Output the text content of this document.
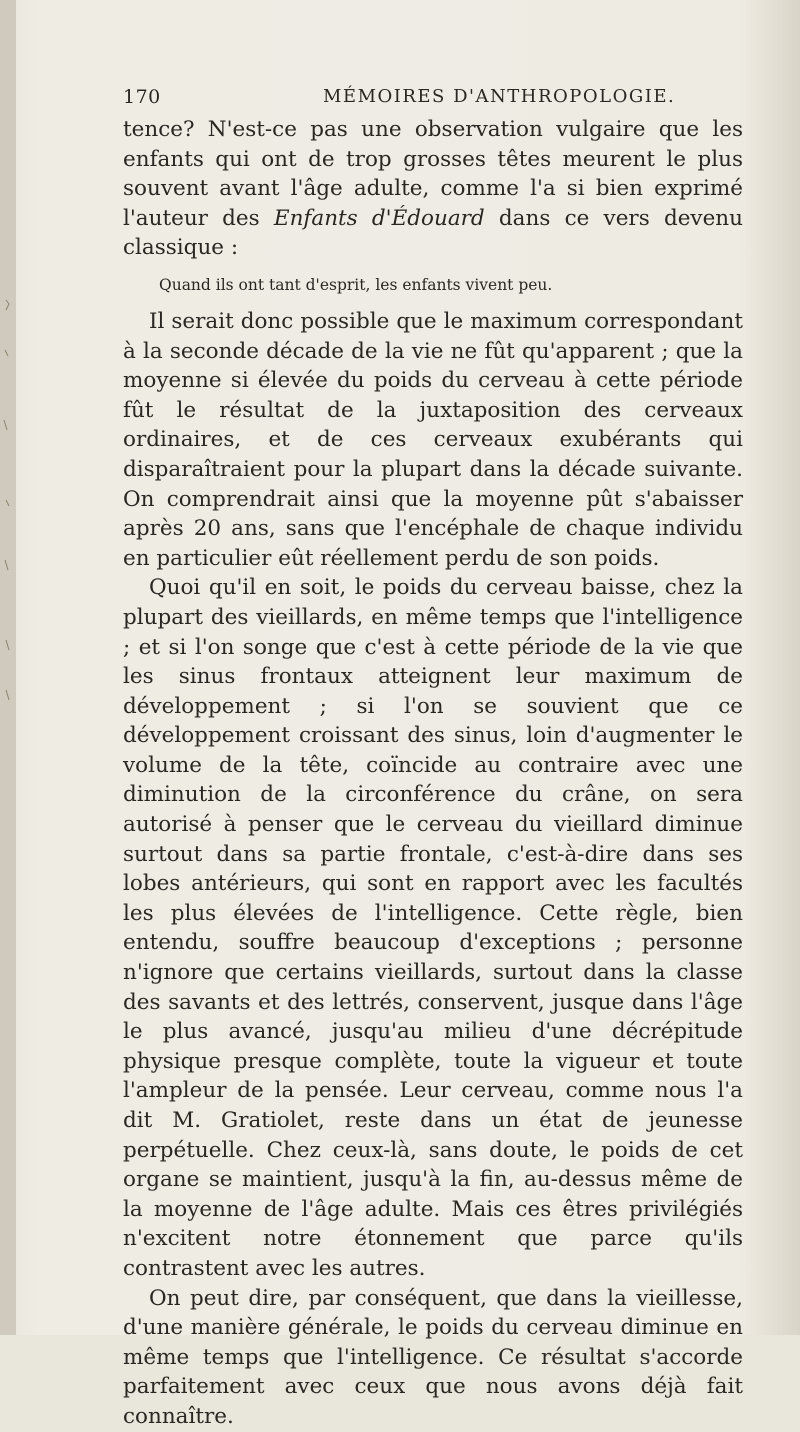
170	MÉMOIRES D'ANTHROPOLOGIE.

tence? N'est-ce pas une observation vulgaire que les enfants qui ont de trop grosses têtes meurent le plus souvent avant l'âge adulte, comme l'a si bien exprimé l'auteur des Enfants d'Édouard dans ce vers devenu classique :

Quand ils ont tant d'esprit, les enfants vivent peu.

Il serait donc possible que le maximum correspondant à la seconde décade de la vie ne fût qu'apparent ; que la moyenne si élevée du poids du cerveau à cette période fût le résultat de la juxtaposition des cerveaux ordinaires, et de ces cerveaux exubérants qui disparaîtraient pour la plupart dans la décade suivante. On comprendrait ainsi que la moyenne pût s'abaisser après 20 ans, sans que l'encéphale de chaque individu en particulier eût réellement perdu de son poids.

Quoi qu'il en soit, le poids du cerveau baisse, chez la plupart des vieillards, en même temps que l'intelligence ; et si l'on songe que c'est à cette période de la vie que les sinus frontaux atteignent leur maximum de développement ; si l'on se souvient que ce développement croissant des sinus, loin d'augmenter le volume de la tête, coïncide au contraire avec une diminution de la circonférence du crâne, on sera autorisé à penser que le cerveau du vieillard diminue surtout dans sa partie frontale, c'est-à-dire dans ses lobes antérieurs, qui sont en rapport avec les facultés les plus élevées de l'intelligence. Cette règle, bien entendu, souffre beaucoup d'exceptions ; personne n'ignore que certains vieillards, surtout dans la classe des savants et des lettrés, conservent, jusque dans l'âge le plus avancé, jusqu'au milieu d'une décrépitude physique presque complète, toute la vigueur et toute l'ampleur de la pensée. Leur cerveau, comme nous l'a dit M. Gratiolet, reste dans un état de jeunesse perpétuelle. Chez ceux-là, sans doute, le poids de cet organe se maintient, jusqu'à la fin, au-dessus même de la moyenne de l'âge adulte. Mais ces êtres privilégiés n'excitent notre étonnement que parce qu'ils contrastent avec les autres.

On peut dire, par conséquent, que dans la vieillesse, d'une manière générale, le poids du cerveau diminue en même temps que l'intelligence. Ce résultat s'accorde parfaitement avec ceux que nous avons déjà fait connaître.
